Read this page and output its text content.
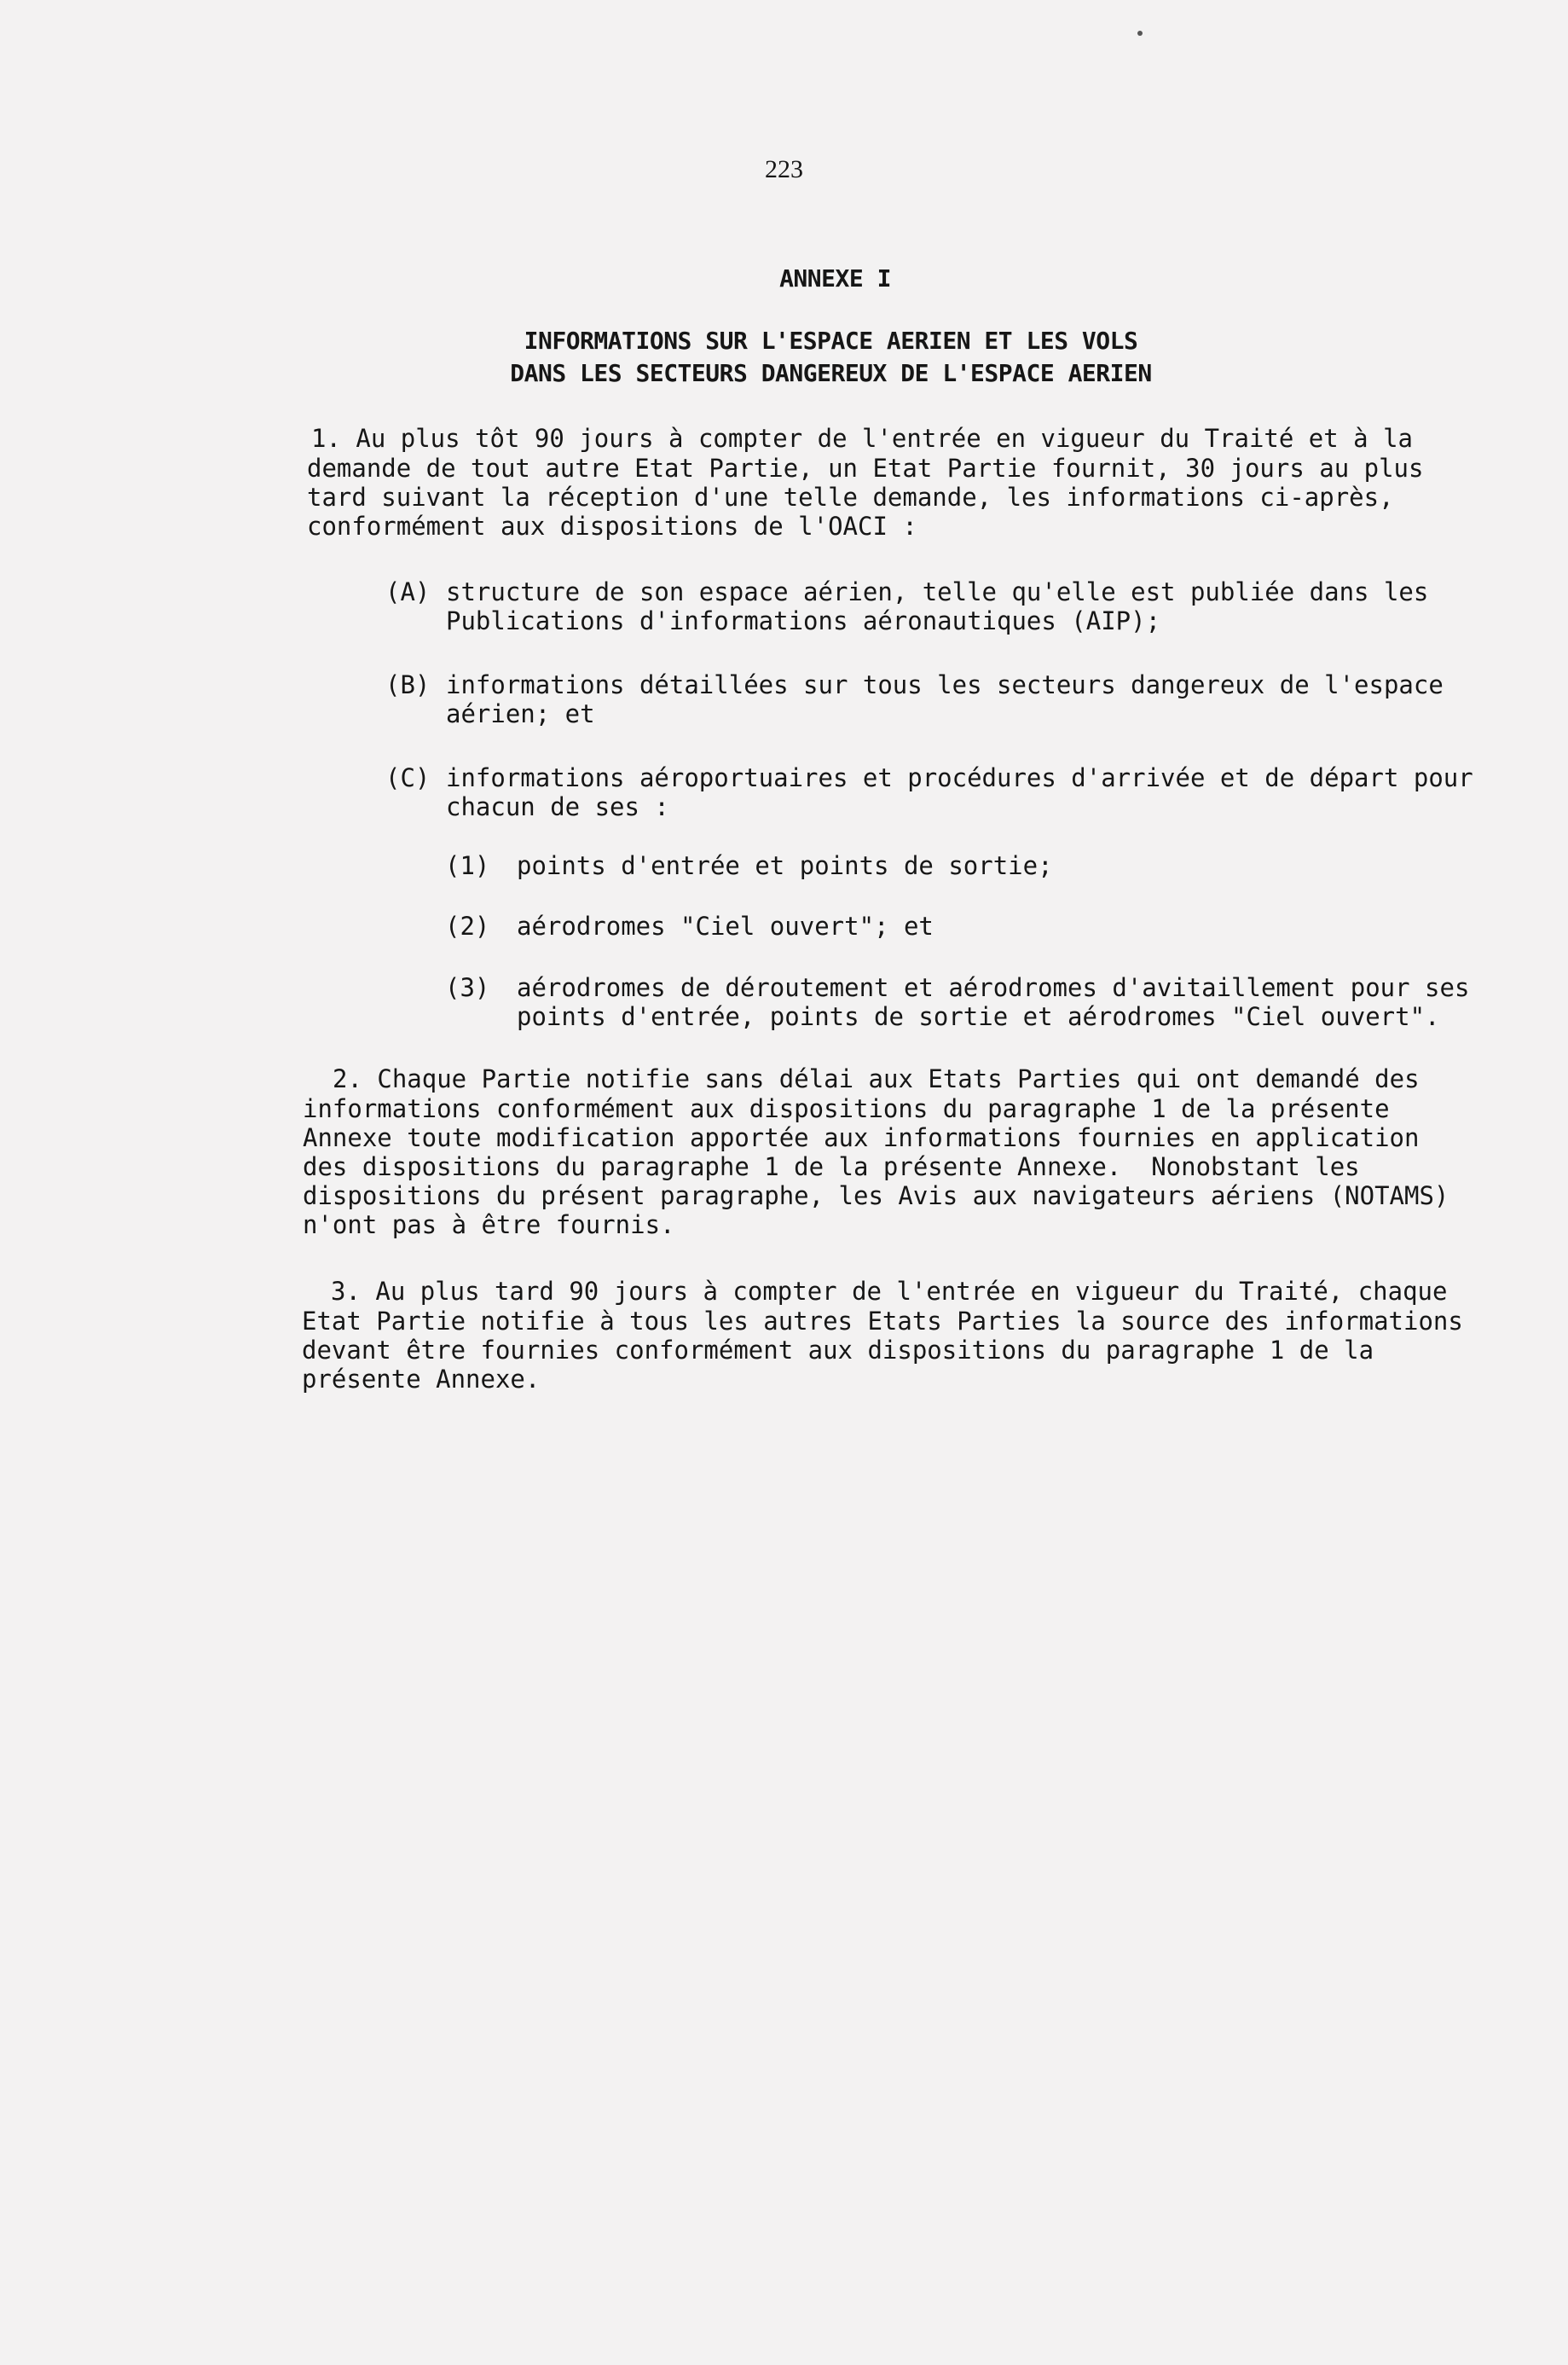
223
ANNEXE I
INFORMATIONS SUR L'ESPACE AERIEN ET LES VOLS
DANS LES SECTEURS DANGEREUX DE L'ESPACE AERIEN
1. Au plus tôt 90 jours à compter de l'entrée en vigueur du Traité et à la
demande de tout autre Etat Partie, un Etat Partie fournit, 30 jours au plus
tard suivant la réception d'une telle demande, les informations ci-après,
conformément aux dispositions de l'OACI :
(A) structure de son espace aérien, telle qu'elle est publiée dans les
Publications d'informations aéronautiques (AIP);
(B) informations détaillées sur tous les secteurs dangereux de l'espace
aérien; et
(C) informations aéroportuaires et procédures d'arrivée et de départ pour
chacun de ses :
(1) points d'entrée et points de sortie;
(2) aérodromes "Ciel ouvert"; et
(3) aérodromes de déroutement et aérodromes d'avitaillement pour ses
points d'entrée, points de sortie et aérodromes "Ciel ouvert".
2. Chaque Partie notifie sans délai aux Etats Parties qui ont demandé des
informations conformément aux dispositions du paragraphe 1 de la présente
Annexe toute modification apportée aux informations fournies en application
des dispositions du paragraphe 1 de la présente Annexe.  Nonobstant les
dispositions du présent paragraphe, les Avis aux navigateurs aériens (NOTAMS)
n'ont pas à être fournis.
3. Au plus tard 90 jours à compter de l'entrée en vigueur du Traité, chaque
Etat Partie notifie à tous les autres Etats Parties la source des informations
devant être fournies conformément aux dispositions du paragraphe 1 de la
présente Annexe.
